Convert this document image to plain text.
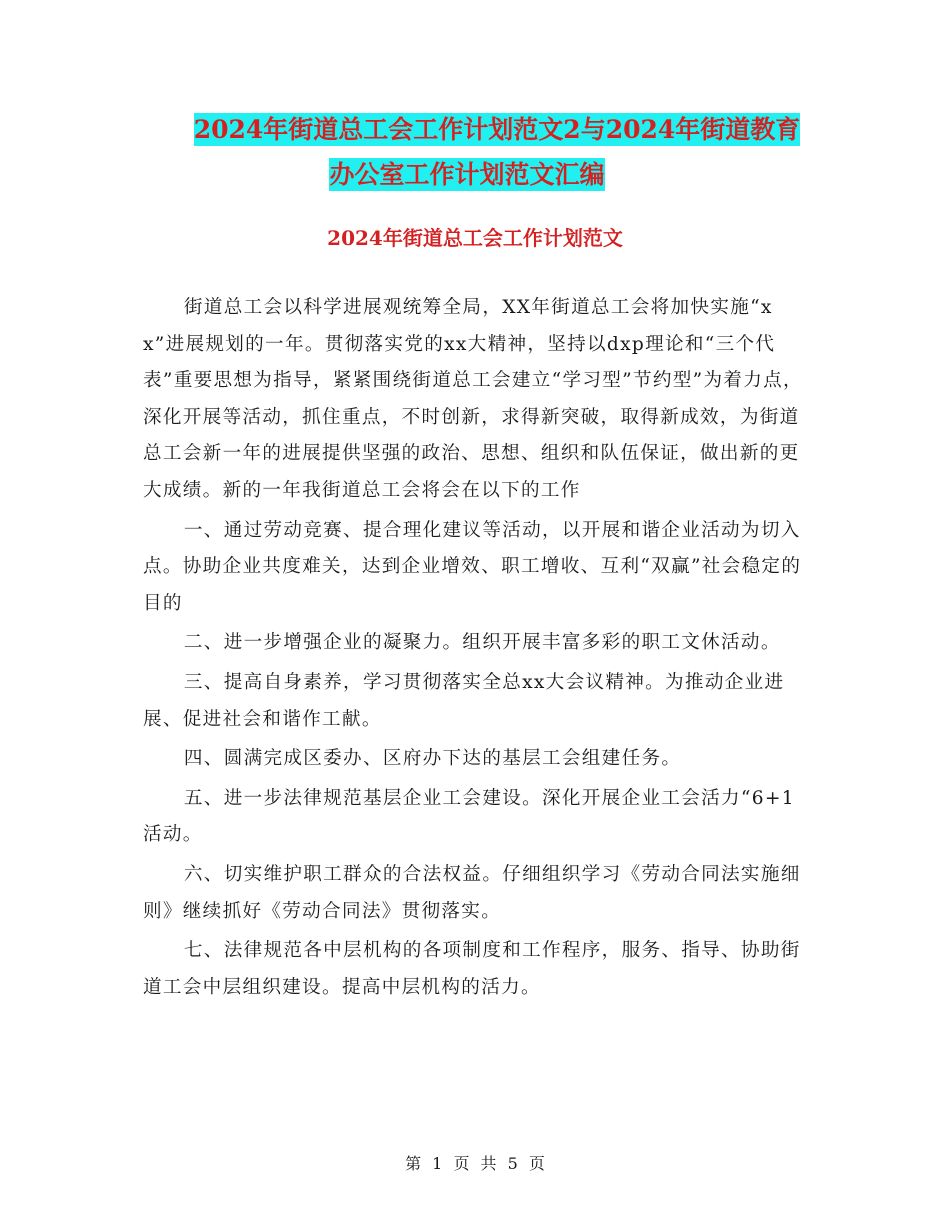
2024年街道总工会工作计划范文2与2024年街道教育
办公室工作计划范文汇编
2024年街道总工会工作计划范文

街道总工会以科学进展观统筹全局，XX年街道总工会将加快实施“xx”进展规划的一年。贯彻落实党的xx大精神，坚持以dxp理论和“三个代表”重要思想为指导，紧紧围绕街道总工会建立“学习型”节约型”为着力点，深化开展等活动，抓住重点，不时创新，求得新突破，取得新成效，为街道总工会新一年的进展提供坚强的政治、思想、组织和队伍保证，做出新的更大成绩。新的一年我街道总工会将会在以下的工作

一、通过劳动竞赛、提合理化建议等活动，以开展和谐企业活动为切入点。协助企业共度难关，达到企业增效、职工增收、互利“双赢”社会稳定的目的

二、进一步增强企业的凝聚力。组织开展丰富多彩的职工文休活动。

三、提高自身素养，学习贯彻落实全总xx大会议精神。为推动企业进展、促进社会和谐作工献。

四、圆满完成区委办、区府办下达的基层工会组建任务。

五、进一步法律规范基层企业工会建设。深化开展企业工会活力“6+1活动。

六、切实维护职工群众的合法权益。仔细组织学习《劳动合同法实施细则》继续抓好《劳动合同法》贯彻落实。

七、法律规范各中层机构的各项制度和工作程序，服务、指导、协助街道工会中层组织建设。提高中层机构的活力。

第 1 页 共 5 页
